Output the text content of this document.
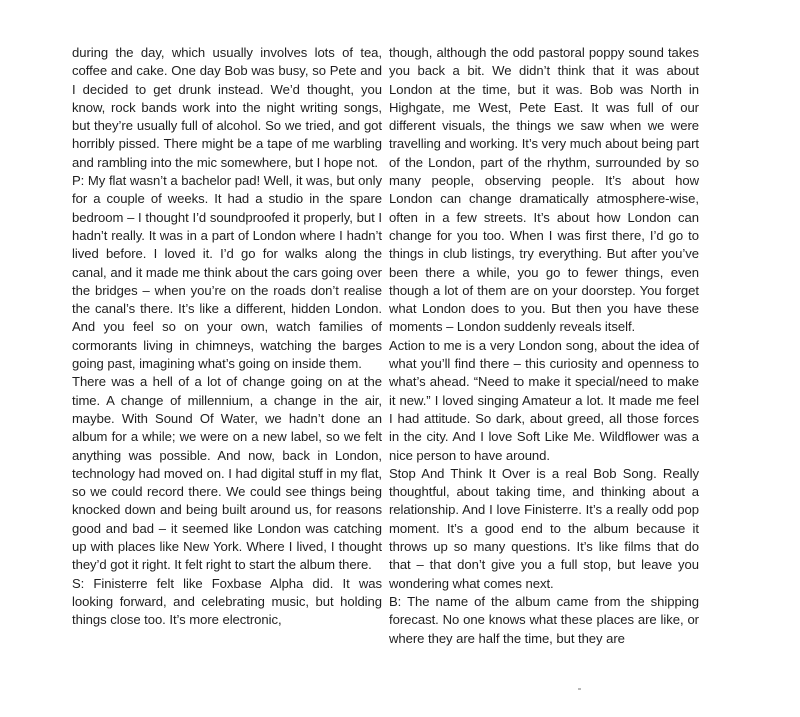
during the day, which usually involves lots of tea, coffee and cake. One day Bob was busy, so Pete and I decided to get drunk instead. We’d thought, you know, rock bands work into the night writing songs, but they’re usually full of alcohol. So we tried, and got horribly pissed. There might be a tape of me warbling and rambling into the mic somewhere, but I hope not.

P: My flat wasn’t a bachelor pad! Well, it was, but only for a couple of weeks. It had a studio in the spare bedroom – I thought I’d soundproofed it properly, but I hadn’t really. It was in a part of London where I hadn’t lived before. I loved it. I’d go for walks along the canal, and it made me think about the cars going over the bridges – when you’re on the roads don’t realise the canal’s there. It’s like a different, hidden London. And you feel so on your own, watch families of cormorants living in chimneys, watching the barges going past, imagining what’s going on inside them.

There was a hell of a lot of change going on at the time. A change of millennium, a change in the air, maybe. With Sound Of Water, we hadn’t done an album for a while; we were on a new label, so we felt anything was possible. And now, back in London, technology had moved on. I had digital stuff in my flat, so we could record there. We could see things being knocked down and being built around us, for reasons good and bad – it seemed like London was catching up with places like New York. Where I lived, I thought they’d got it right. It felt right to start the album there.

S: Finisterre felt like Foxbase Alpha did. It was looking forward, and celebrating music, but holding things close too. It’s more electronic,

though, although the odd pastoral poppy sound takes you back a bit. We didn’t think that it was about London at the time, but it was. Bob was North in Highgate, me West, Pete East. It was full of our different visuals, the things we saw when we were travelling and working. It’s very much about being part of the London, part of the rhythm, surrounded by so many people, observing people. It’s about how London can change dramatically atmosphere-wise, often in a few streets. It’s about how London can change for you too. When I was first there, I’d go to things in club listings, try everything. But after you’ve been there a while, you go to fewer things, even though a lot of them are on your doorstep. You forget what London does to you. But then you have these moments – London suddenly reveals itself.

Action to me is a very London song, about the idea of what you’ll find there – this curiosity and openness to what’s ahead. “Need to make it special/need to make it new.” I loved singing Amateur a lot. It made me feel I had attitude. So dark, about greed, all those forces in the city. And I love Soft Like Me. Wildflower was a nice person to have around.

Stop And Think It Over is a real Bob Song. Really thoughtful, about taking time, and thinking about a relationship. And I love Finisterre. It’s a really odd pop moment. It’s a good end to the album because it throws up so many questions. It’s like films that do that – that don’t give you a full stop, but leave you wondering what comes next.

B: The name of the album came from the shipping forecast. No one knows what these places are like, or where they are half the time, but they are
